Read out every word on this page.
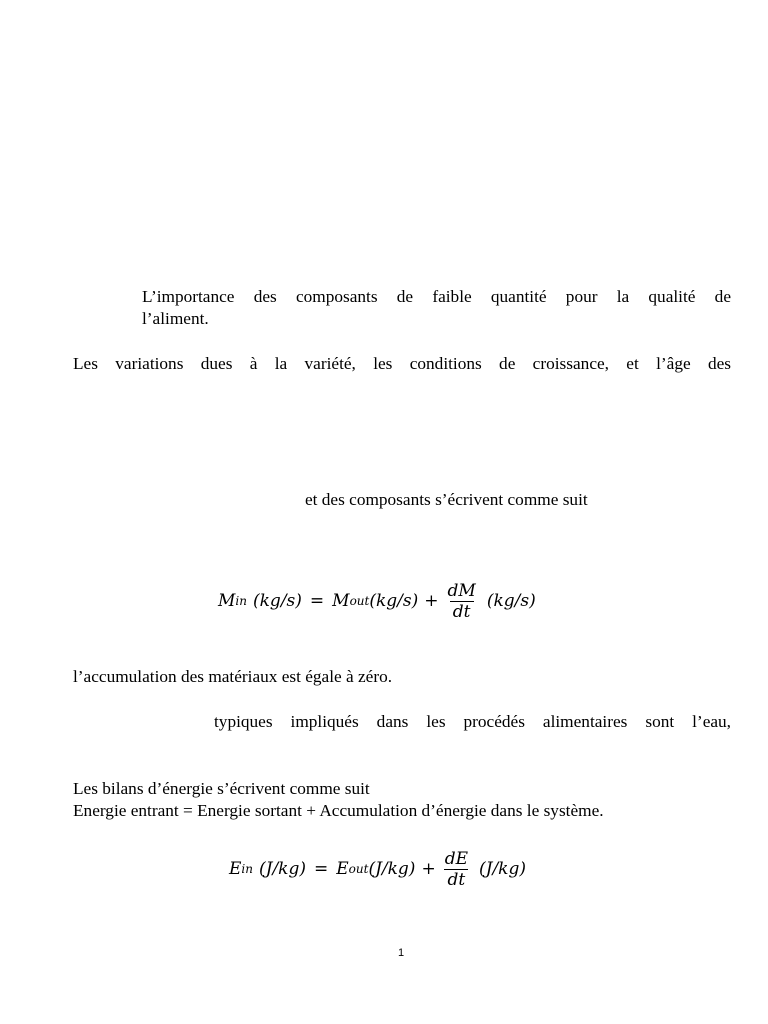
L’importance des composants de faible quantité pour la qualité de
l’aliment.
Les variations dues à la variété, les conditions de croissance, et l’âge des
et des composants s’écrivent comme suit
M in (kg/s) = M out $(kg/s) + \frac{dM}{dt} (kg/s)$
l’accumulation des matériaux est égale à zéro.
typiques impliqués dans les procédés alimentaires sont l’eau,
Les bilans d’énergie s’écrivent comme suit
Energie entrant = Energie sortant + Accumulation d’énergie dans le système.
E in (J/kg) = E out $(J/kg) + \frac{dE}{dt} (J/kg)$
1
